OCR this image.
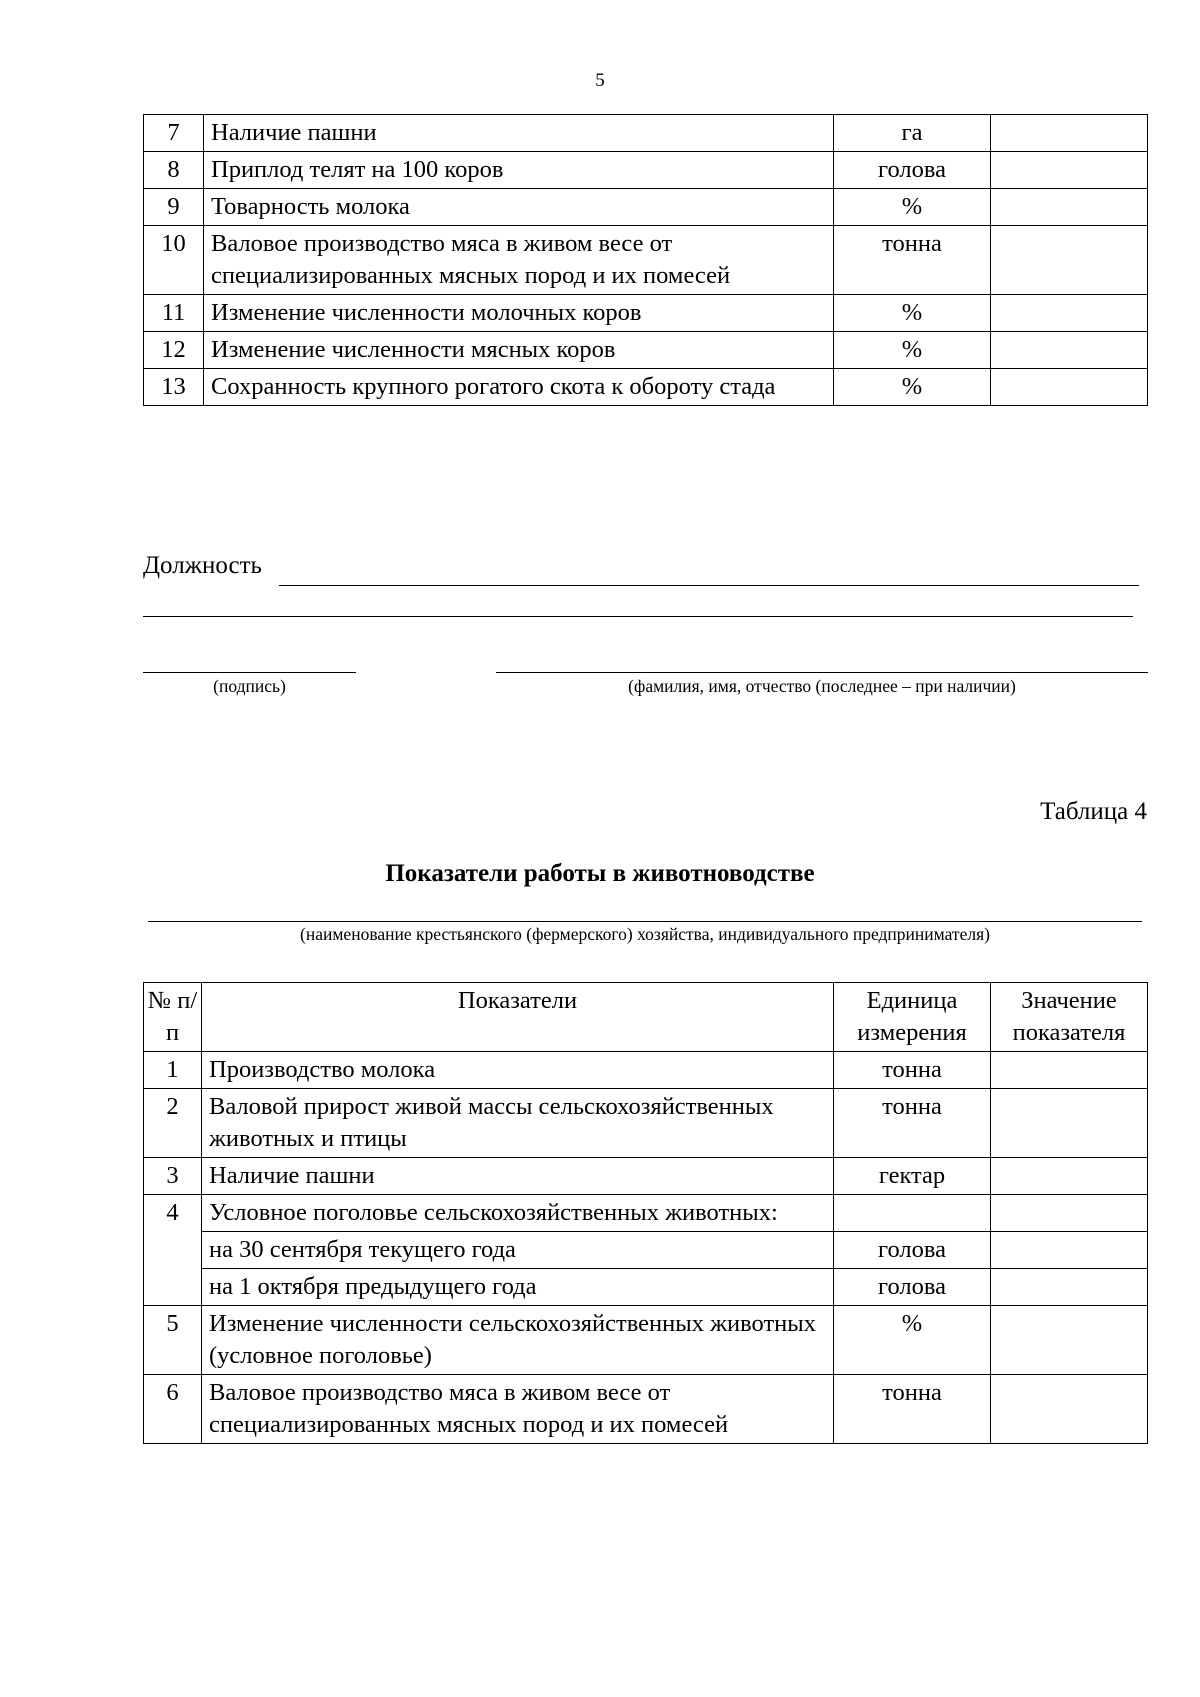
5
7	Наличие пашни	га	
8	Приплод телят на 100 коров	голова	
9	Товарность молока	%	
10	Валовое производство мяса в живом весе от специализированных мясных пород и их помесей	тонна	
11	Изменение численности молочных коров	%	
12	Изменение численности мясных коров	%	
13	Сохранность крупного рогатого скота к обороту стада	%	
Должность
(подпись)	(фамилия, имя, отчество (последнее – при наличии)
Таблица 4
Показатели работы в животноводстве
(наименование крестьянского (фермерского) хозяйства, индивидуального предпринимателя)
№ п/п	Показатели	Единица измерения	Значение показателя
1	Производство молока	тонна	
2	Валовой прирост живой массы сельскохозяйственных животных и птицы	тонна	
3	Наличие пашни	гектар	
4	Условное поголовье сельскохозяйственных животных:		
	на 30 сентября текущего года	голова	
	на 1 октября предыдущего года	голова	
5	Изменение численности сельскохозяйственных животных (условное поголовье)	%	
6	Валовое производство мяса в живом весе от специализированных мясных пород и их помесей	тонна	
